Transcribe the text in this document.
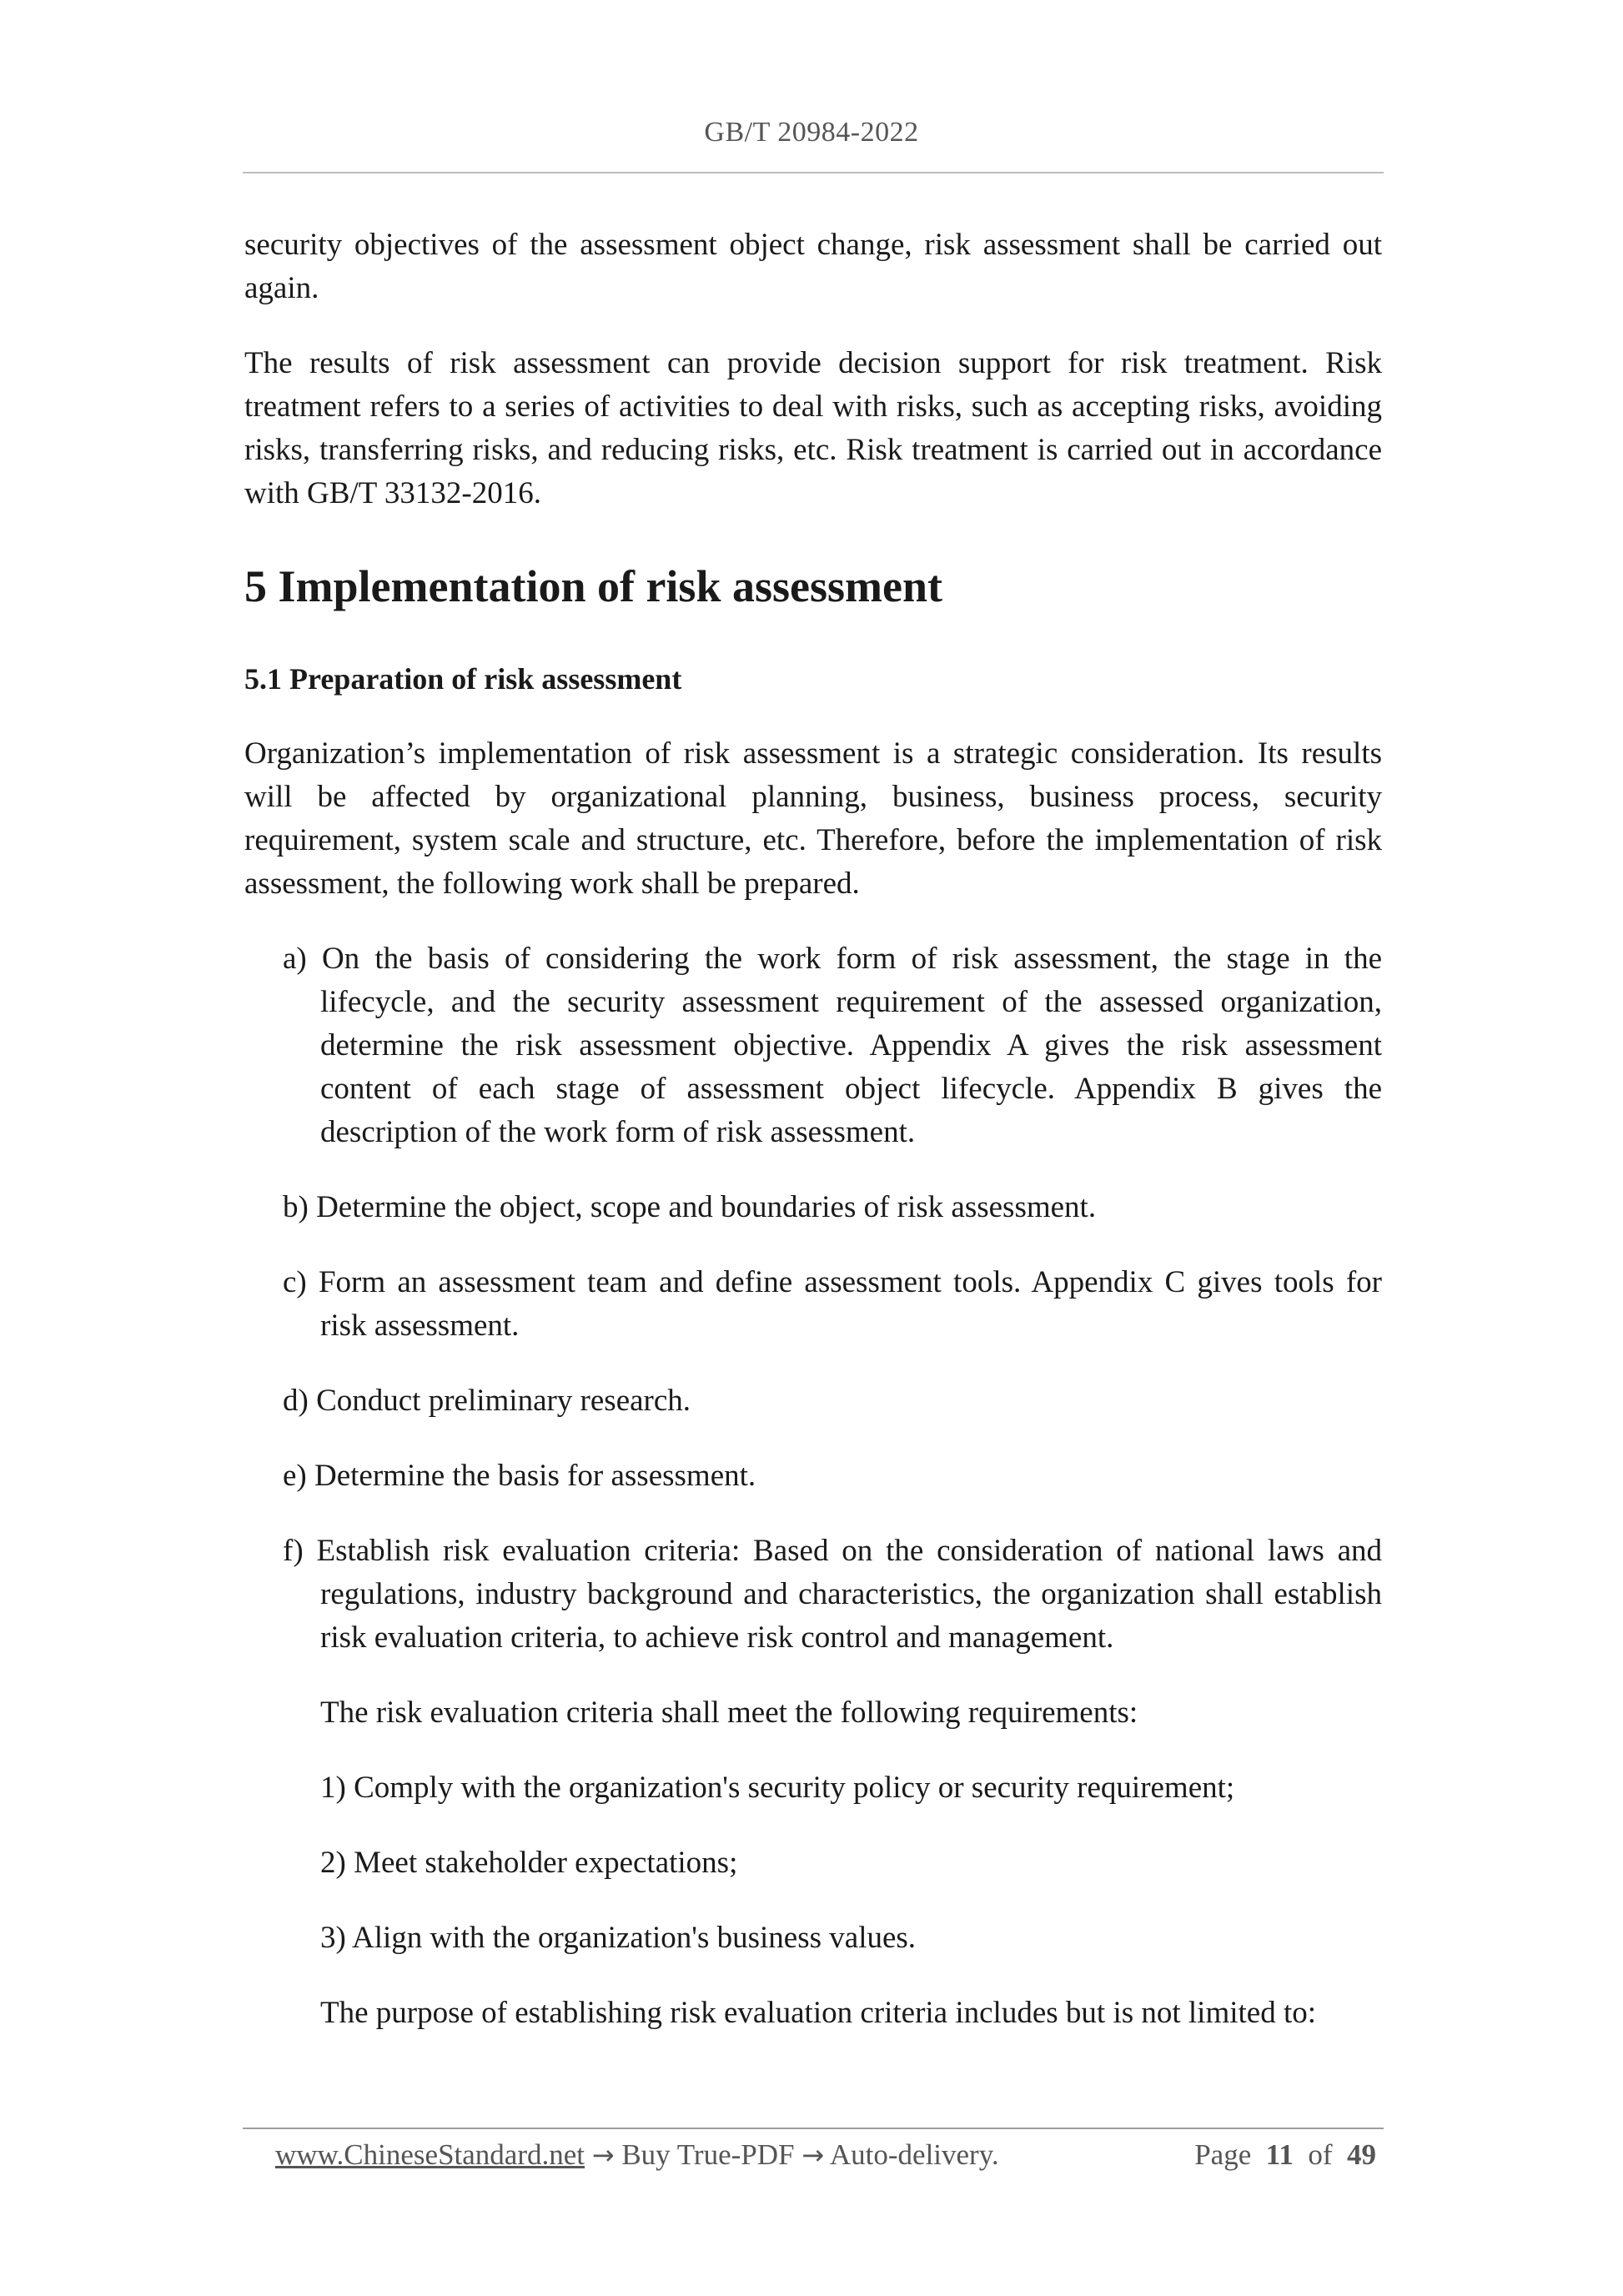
GB/T 20984-2022

security objectives of the assessment object change, risk assessment shall be carried out again.

The results of risk assessment can provide decision support for risk treatment. Risk treatment refers to a series of activities to deal with risks, such as accepting risks, avoiding risks, transferring risks, and reducing risks, etc. Risk treatment is carried out in accordance with GB/T 33132-2016.

5 Implementation of risk assessment
5.1 Preparation of risk assessment

Organization’s implementation of risk assessment is a strategic consideration. Its results will be affected by organizational planning, business, business process, security requirement, system scale and structure, etc. Therefore, before the implementation of risk assessment, the following work shall be prepared.

a) On the basis of considering the work form of risk assessment, the stage in the lifecycle, and the security assessment requirement of the assessed organization, determine the risk assessment objective. Appendix A gives the risk assessment content of each stage of assessment object lifecycle. Appendix B gives the description of the work form of risk assessment.

b) Determine the object, scope and boundaries of risk assessment.

c) Form an assessment team and define assessment tools. Appendix C gives tools for risk assessment.

d) Conduct preliminary research.

e) Determine the basis for assessment.

f) Establish risk evaluation criteria: Based on the consideration of national laws and regulations, industry background and characteristics, the organization shall establish risk evaluation criteria, to achieve risk control and management.

The risk evaluation criteria shall meet the following requirements:

1) Comply with the organization's security policy or security requirement;

2) Meet stakeholder expectations;

3) Align with the organization's business values.

The purpose of establishing risk evaluation criteria includes but is not limited to:

www.ChineseStandard.net → Buy True-PDF → Auto-delivery.	Page 11 of 49
